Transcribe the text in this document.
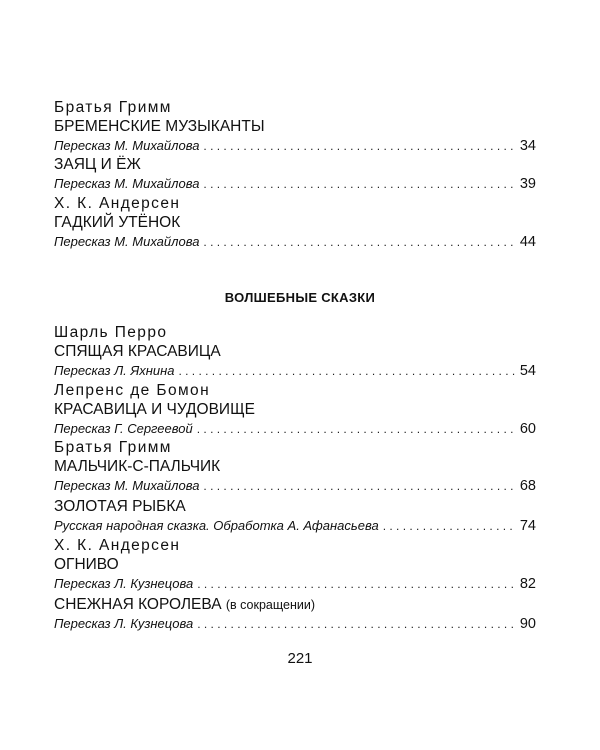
Братья Гримм
БРЕМЕНСКИЕ МУЗЫКАНТЫ
Пересказ М. Михайлова . . .	34
ЗАЯЦ И ЁЖ
Пересказ М. Михайлова . . .	39
Х. К. Андерсен
ГАДКИЙ УТЁНОК
Пересказ М. Михайлова . . .	44
ВОЛШЕБНЫЕ СКАЗКИ
Шарль Перро
СПЯЩАЯ КРАСАВИЦА
Пересказ Л. Яхнина . . .	54
Лепренс де Бомон
КРАСАВИЦА И ЧУДОВИЩЕ
Пересказ Г. Сергеевой . . .	60
Братья Гримм
МАЛЬЧИК-С-ПАЛЬЧИК
Пересказ М. Михайлова . . .	68
ЗОЛОТАЯ РЫБКА
Русская народная сказка. Обработка А. Афанасьева . . .	74
Х. К. Андерсен
ОГНИВО
Пересказ Л. Кузнецова . . .	82
СНЕЖНАЯ КОРОЛЕВА (в сокращении)
Пересказ Л. Кузнецова . . .	90
221
